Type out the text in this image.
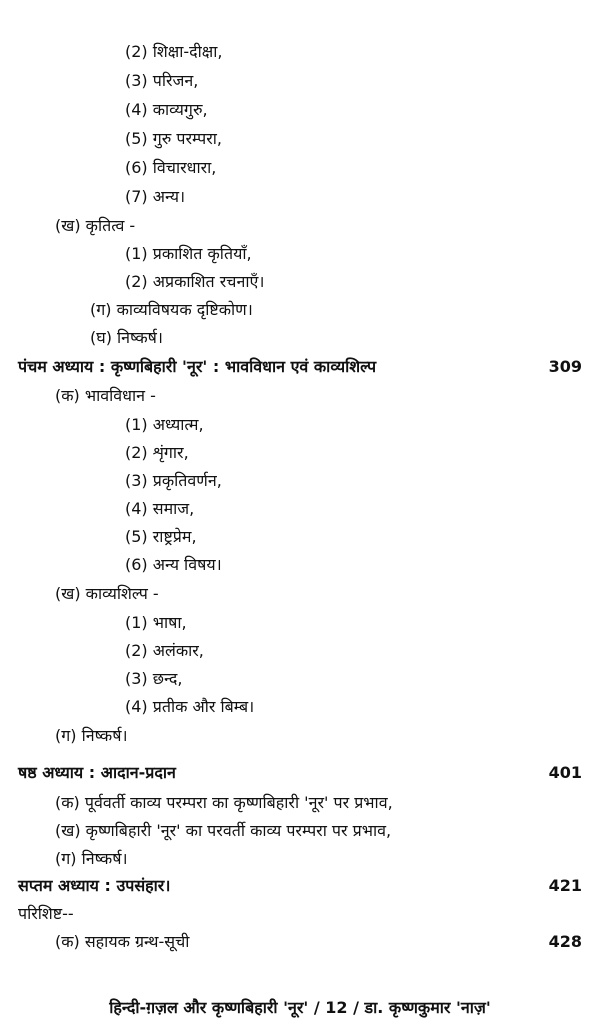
(2) शिक्षा-दीक्षा,
(3) परिजन,
(4) काव्यगुरु,
(5) गुरु परम्परा,
(6) विचारधारा,
(7) अन्य।
(ख) कृतित्व -
(1) प्रकाशित कृतियाँ,
(2) अप्रकाशित रचनाएँ।
(ग) काव्यविषयक दृष्टिकोण।
(घ) निष्कर्ष।
पंचम अध्याय : कृष्णबिहारी 'नूर' : भावविधान एवं काव्यशिल्प	309
(क) भावविधान -
(1) अध्यात्म,
(2) शृंगार,
(3) प्रकृतिवर्णन,
(4) समाज,
(5) राष्ट्रप्रेम,
(6) अन्य विषय।
(ख) काव्यशिल्प -
(1) भाषा,
(2) अलंकार,
(3) छन्द,
(4) प्रतीक और बिम्ब।
(ग) निष्कर्ष।
षष्ठ अध्याय : आदान-प्रदान	401
(क) पूर्ववर्ती काव्य परम्परा का कृष्णबिहारी 'नूर' पर प्रभाव,
(ख) कृष्णबिहारी 'नूर' का परवर्ती काव्य परम्परा पर प्रभाव,
(ग) निष्कर्ष।
सप्तम अध्याय : उपसंहार।	421
परिशिष्ट--
(क) सहायक ग्रन्थ-सूची	428
हिन्दी-ग़ज़ल और कृष्णबिहारी 'नूर' / 12 / डा. कृष्णकुमार 'नाज़'
